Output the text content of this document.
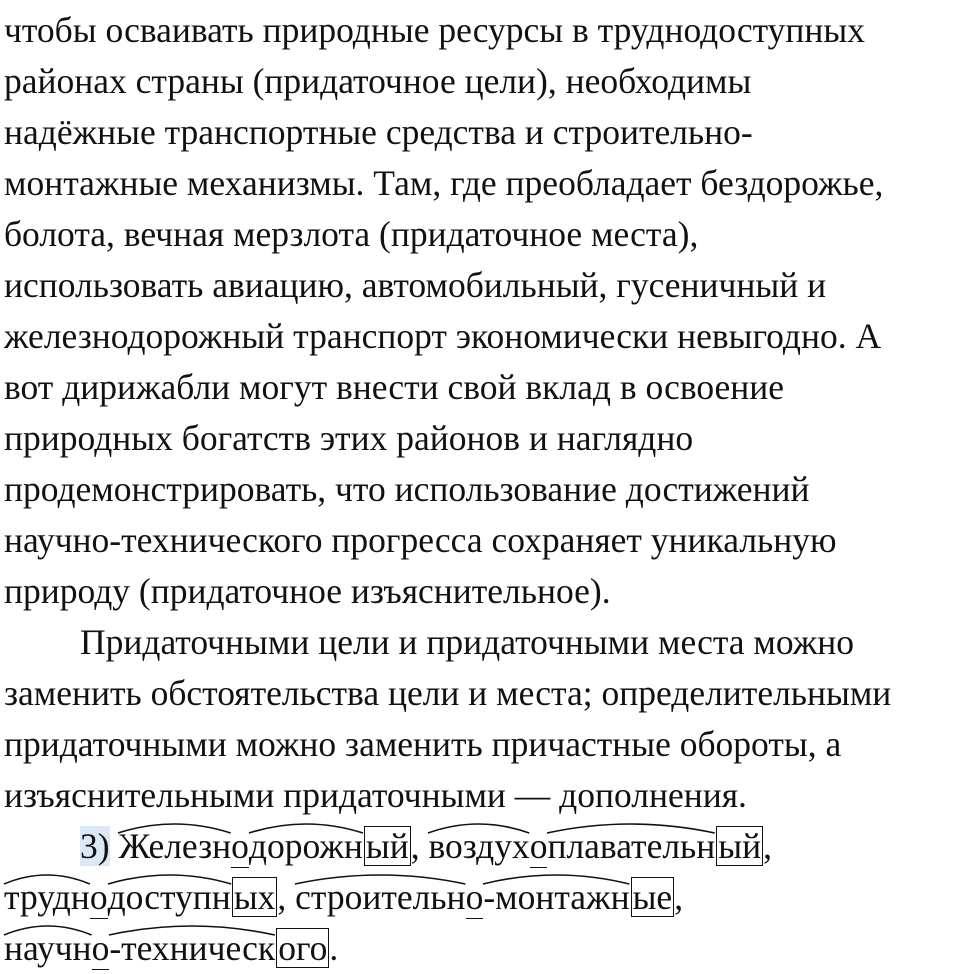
чтобы осваивать природные ресурсы в труднодоступных
районах страны (придаточное цели), необходимы
надёжные транспортные средства и строительно-
монтажные механизмы. Там, где преобладает бездорожье,
болота, вечная мерзлота (придаточное места),
использовать авиацию, автомобильный, гусеничный и
железнодорожный транспорт экономически невыгодно. А
вот дирижабли могут внести свой вклад в освоение
природных богатств этих районов и наглядно
продемонстрировать, что использование достижений
научно-технического прогресса сохраняет уникальную
природу (придаточное изъяснительное).
Придаточными цели и придаточными места можно
заменить обстоятельства цели и места; определительными
придаточными можно заменить причастные обороты, а
изъяснительными придаточными — дополнения.
3) Железн
о
дорожн
ый, воздух
о
плавательн
ый,
трудн
о
доступн
ых, строительн
о
-монтажн
ые,
научн
о
-техническ
ого.
